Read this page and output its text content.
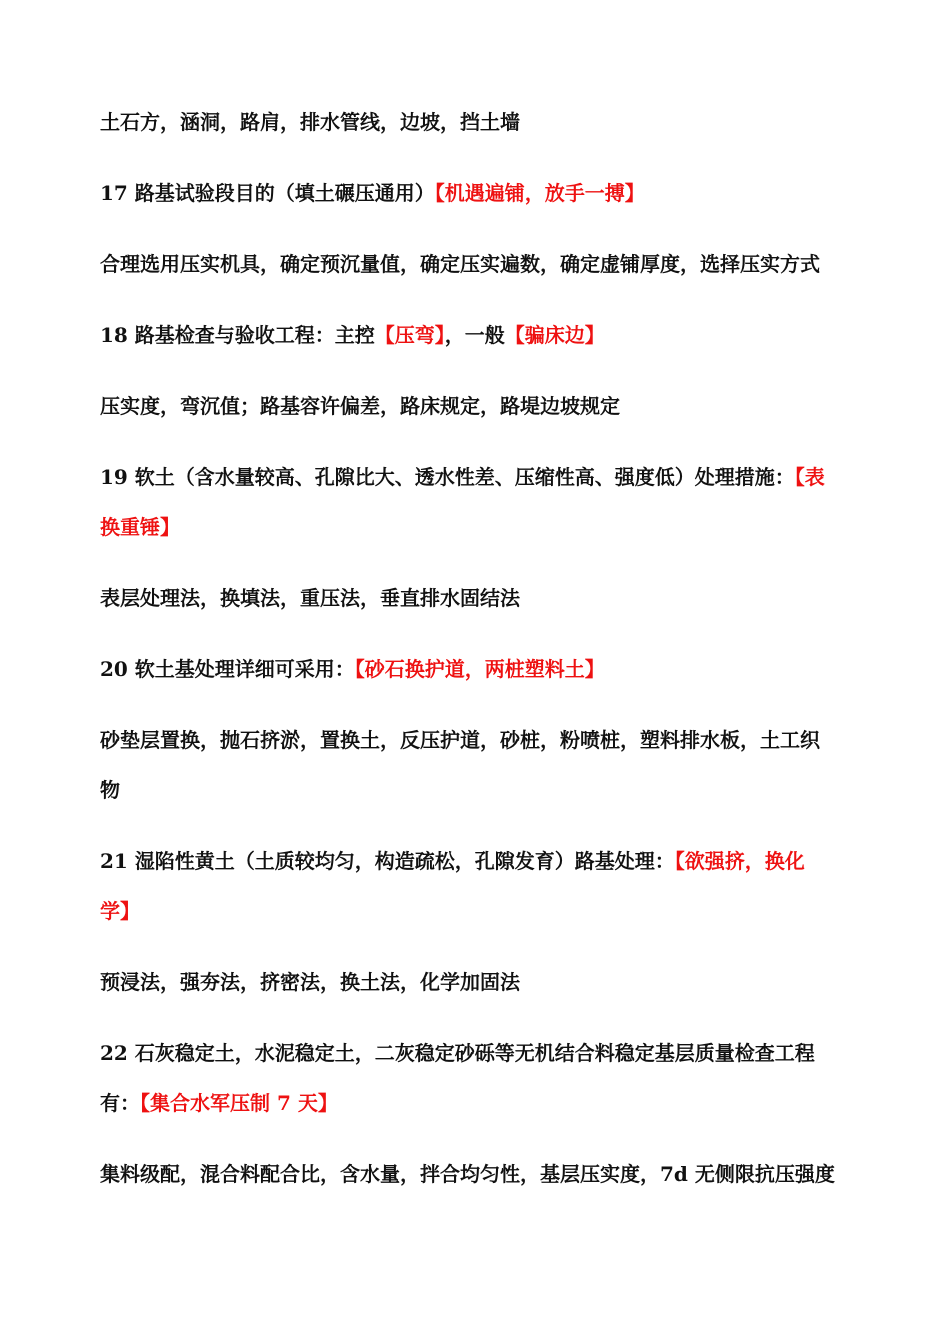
土石方，涵洞，路肩，排水管线，边坡，挡土墙
17 路基试验段目的（填土碾压通用）【机遇遍铺，放手一搏】
合理选用压实机具，确定预沉量值，确定压实遍数，确定虚铺厚度，选择压实方式
18 路基检查与验收工程：主控【压弯】，一般【骗床边】
压实度，弯沉值；路基容许偏差，路床规定，路堤边坡规定
19 软土（含水量较高、孔隙比大、透水性差、压缩性高、强度低）处理措施：【表
换重锤】
表层处理法，换填法，重压法，垂直排水固结法
20 软土基处理详细可采用：【砂石换护道，两桩塑料土】
砂垫层置换，抛石挤淤，置换土，反压护道，砂桩，粉喷桩，塑料排水板，土工织
物
21 湿陷性黄土（土质较均匀，构造疏松，孔隙发育）路基处理：【欲强挤，换化
学】
预浸法，强夯法，挤密法，换土法，化学加固法
22 石灰稳定土，水泥稳定土，二灰稳定砂砾等无机结合料稳定基层质量检查工程
有：【集合水军压制 7 天】
集料级配，混合料配合比，含水量，拌合均匀性，基层压实度，7d 无侧限抗压强度
